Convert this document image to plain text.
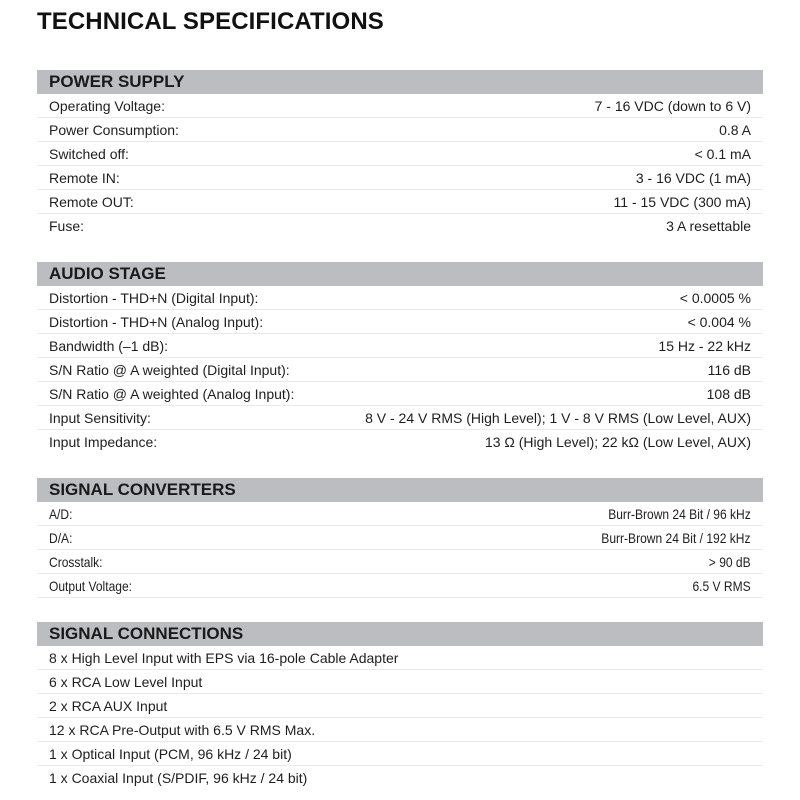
TECHNICAL SPECIFICATIONS
POWER SUPPLY
Operating Voltage:	7 - 16 VDC (down to 6 V)
Power Consumption:	0.8 A
Switched off:	< 0.1 mA
Remote IN:	3 - 16 VDC (1 mA)
Remote OUT:	11 - 15 VDC (300 mA)
Fuse:	3 A resettable
AUDIO STAGE
Distortion - THD+N (Digital Input):	< 0.0005 %
Distortion - THD+N (Analog Input):	< 0.004 %
Bandwidth (–1 dB):	15 Hz - 22 kHz
S/N Ratio @ A weighted (Digital Input):	116 dB
S/N Ratio @ A weighted (Analog Input):	108 dB
Input Sensitivity:	8 V - 24 V RMS (High Level); 1 V - 8 V RMS (Low Level, AUX)
Input Impedance:	13 Ω (High Level); 22 kΩ (Low Level, AUX)
SIGNAL CONVERTERS
A/D:	Burr-Brown 24 Bit / 96 kHz
D/A:	Burr-Brown 24 Bit / 192 kHz
Crosstalk:	> 90 dB
Output Voltage:	6.5 V RMS
SIGNAL CONNECTIONS
8 x High Level Input with EPS via 16-pole Cable Adapter
6 x RCA Low Level Input
2 x RCA AUX Input
12 x RCA Pre-Output with 6.5 V RMS Max.
1 x Optical Input (PCM, 96 kHz / 24 bit)
1 x Coaxial Input (S/PDIF, 96 kHz / 24 bit)
